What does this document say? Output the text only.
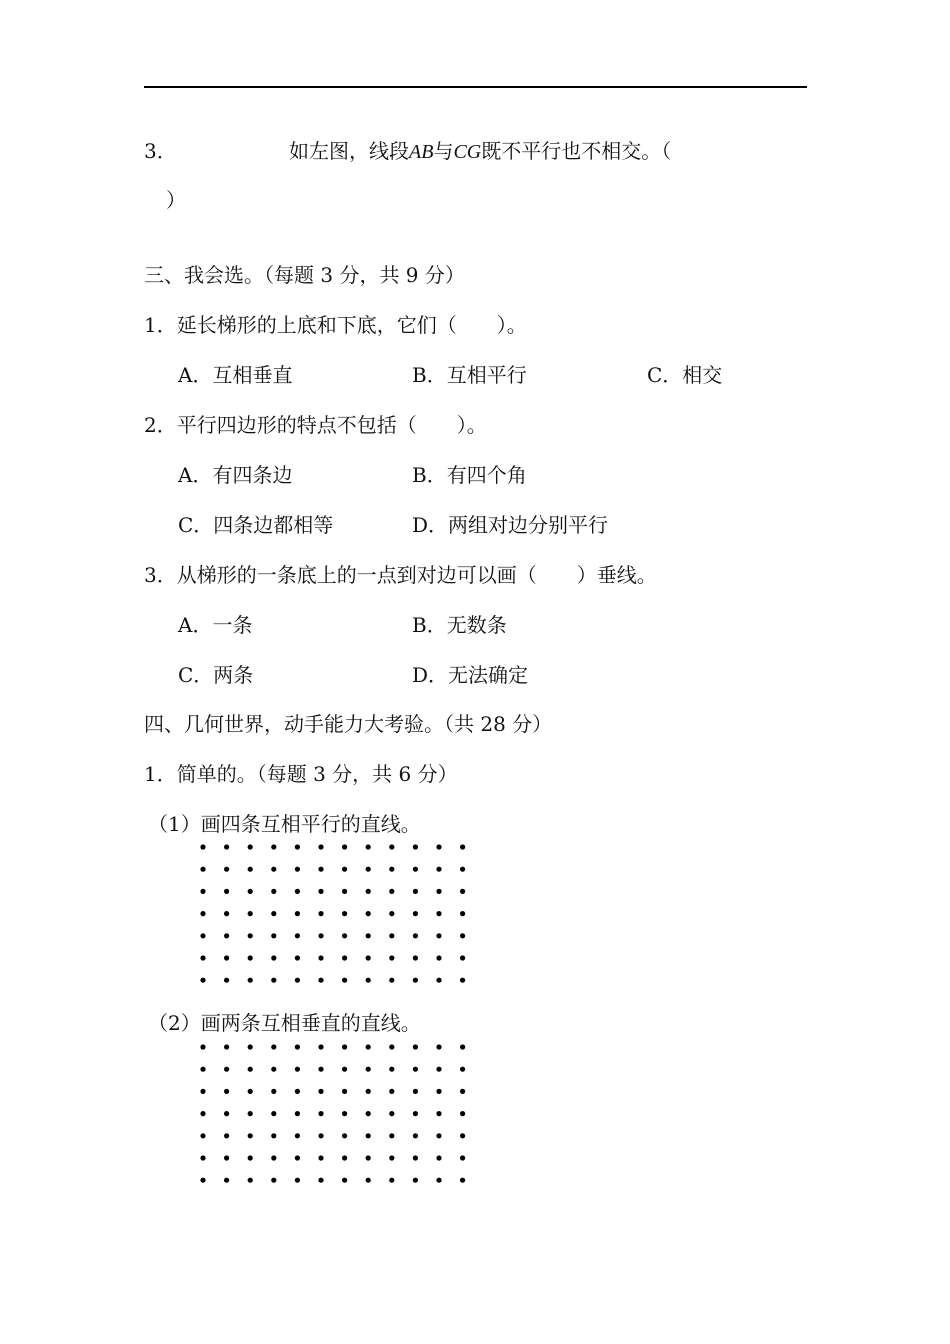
3．	如左图，线段AB与CG既不平行也不相交。（
）
三、我会选。（每题 3 分，共 9 分）
1．延长梯形的上底和下底，它们（　　）。
A．互相垂直	B．互相平行	C．相交
2．平行四边形的特点不包括（　　）。
A．有四条边	B．有四个角
C．四条边都相等	D．两组对边分别平行
3．从梯形的一条底上的一点到对边可以画（　　）垂线。
A．一条	B．无数条
C．两条	D．无法确定
四、几何世界，动手能力大考验。（共 28 分）
1．简单的。（每题 3 分，共 6 分）
（1）画四条互相平行的直线。
（2）画两条互相垂直的直线。
